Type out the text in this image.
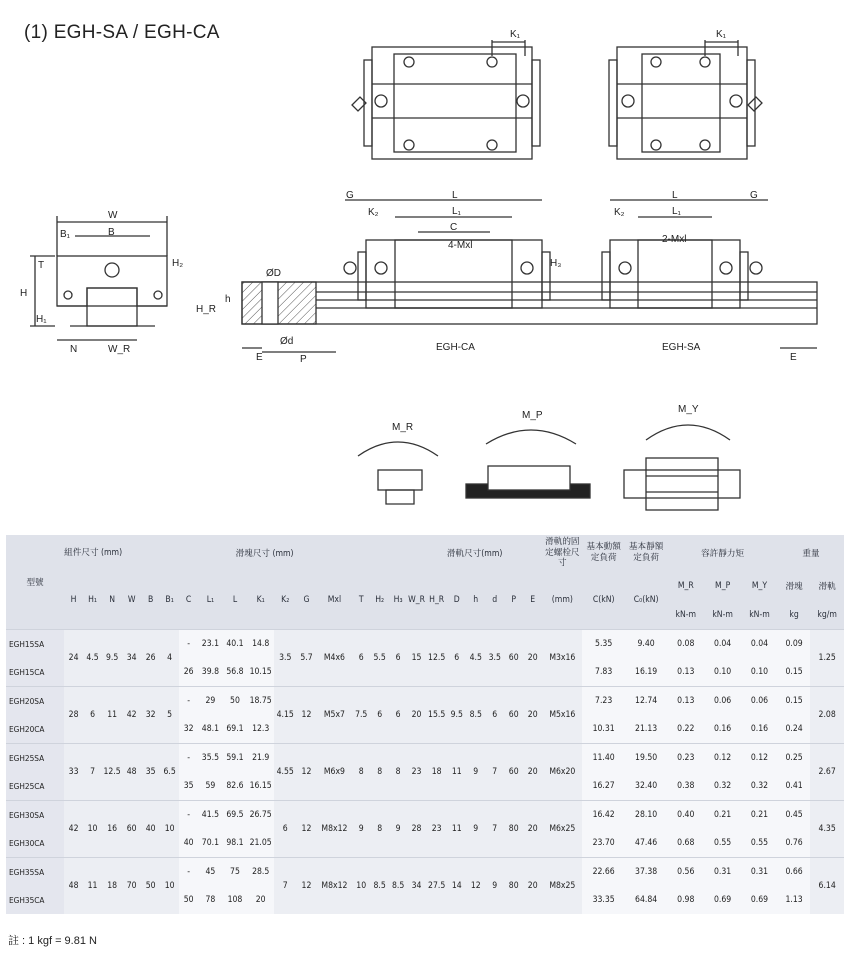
(1) EGH-SA / EGH-CA	K₁	K₁
W
B
B₁
T
H
H₁
H₂
N	W_R
ØD
Ød
h
H_R
E	P
G	L
L₁
K₂
C
4-Mxl
L
L₁
K₂
G
2-Mxl
H₃
EGH-CA	EGH-SA
E
M_R
M_P
M_Y
型號	組件尺寸 (mm)			滑塊尺寸 (mm)													滑軌尺寸(mm)							滑軌的固定螺栓尺寸	基本動額定負荷	基本靜額定負荷	容許靜力矩			重量	
	H	H₁	N	W	B	B₁	C	L₁	L	K₁	K₂	G	Mxl	T	H₂	H₃	W_R	H_R	D	h	d	P	E	(mm)	C(kN)	C₀(kN)	M_R	M_P	M_Y	滑塊	滑軌
																											kN-m	kN-m	kN-m	kg	kg/m
EGH15SA	24	4.5	9.5	34	26	4	-	23.1	40.1	14.8	3.5	5.7	M4x6	6	5.5	6	15	12.5	6	4.5	3.5	60	20	M3x16	5.35	9.40	0.08	0.04	0.04	0.09	1.25
EGH15CA							26	39.8	56.8	10.15															7.83	16.19	0.13	0.10	0.10	0.15	
EGH20SA	28	6	11	42	32	5	-	29	50	18.75	4.15	12	M5x7	7.5	6	6	20	15.5	9.5	8.5	6	60	20	M5x16	7.23	12.74	0.13	0.06	0.06	0.15	2.08
EGH20CA							32	48.1	69.1	12.3															10.31	21.13	0.22	0.16	0.16	0.24	
EGH25SA	33	7	12.5	48	35	6.5	-	35.5	59.1	21.9	4.55	12	M6x9	8	8	8	23	18	11	9	7	60	20	M6x20	11.40	19.50	0.23	0.12	0.12	0.25	2.67
EGH25CA							35	59	82.6	16.15															16.27	32.40	0.38	0.32	0.32	0.41	
EGH30SA	42	10	16	60	40	10	-	41.5	69.5	26.75	6	12	M8x12	9	8	9	28	23	11	9	7	80	20	M6x25	16.42	28.10	0.40	0.21	0.21	0.45	4.35
EGH30CA							40	70.1	98.1	21.05															23.70	47.46	0.68	0.55	0.55	0.76	
EGH35SA	48	11	18	70	50	10	-	45	75	28.5	7	12	M8x12	10	8.5	8.5	34	27.5	14	12	9	80	20	M8x25	22.66	37.38	0.56	0.31	0.31	0.66	6.14
EGH35CA							50	78	108	20															33.35	64.84	0.98	0.69	0.69	1.13	
註 : 1 kgf = 9.81 N
